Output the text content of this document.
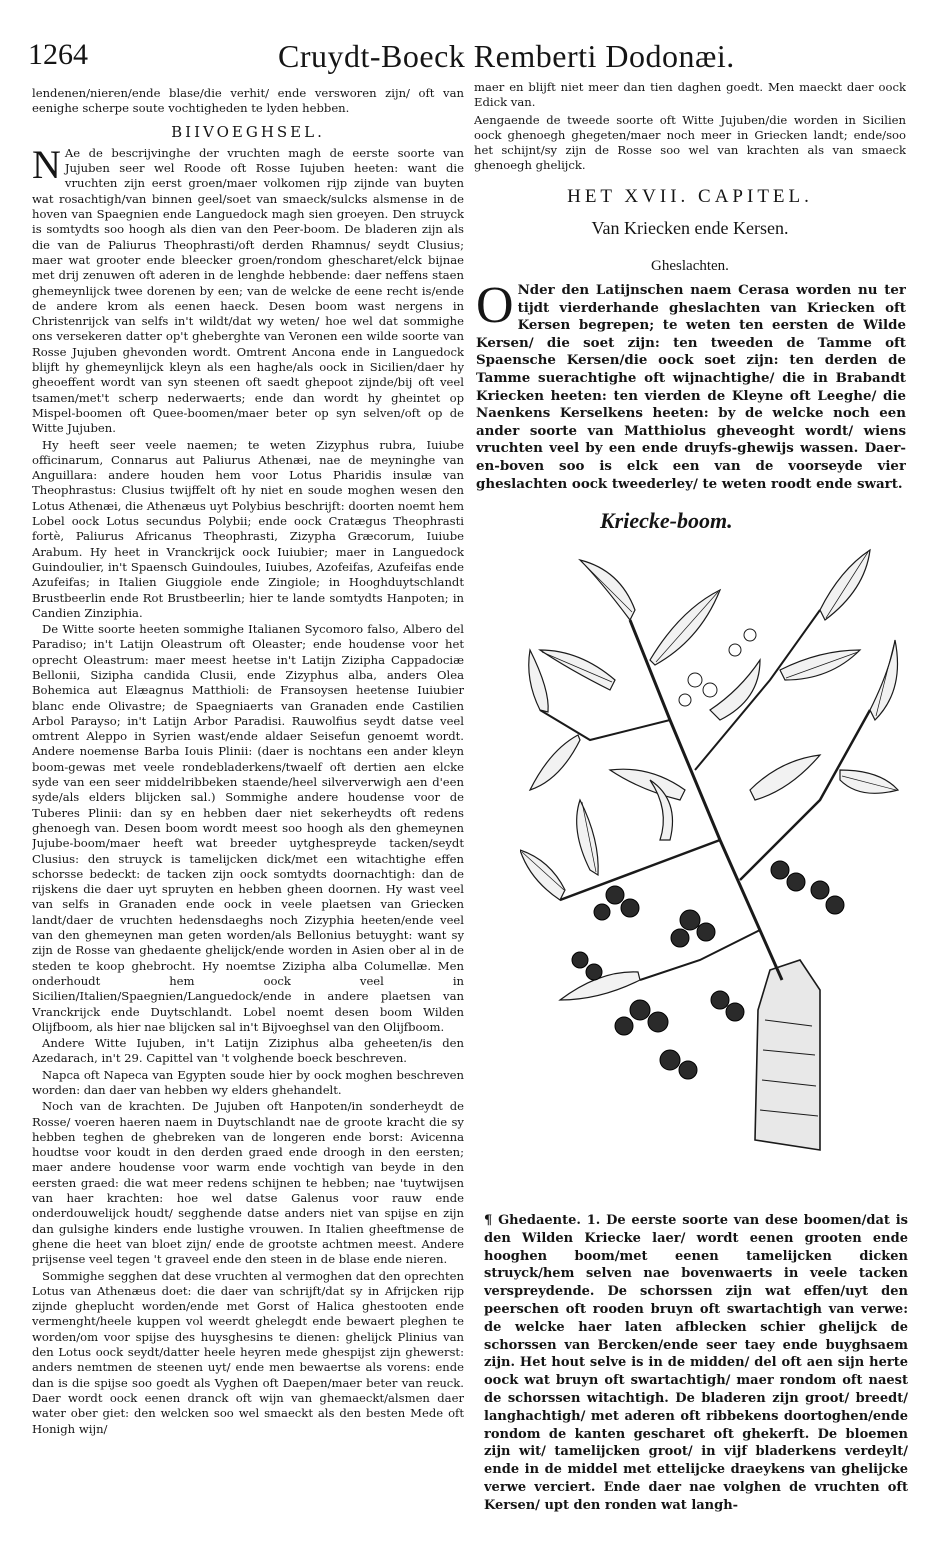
1264	Cruydt-Boeck Remberti Dodonæi.

lendenen/nieren/ende blase/die verhit/ ende versworen zijn/ oft van eenighe scherpe soute vochtigheden te lyden hebben.

BIIVOEGHSEL.
N Ae de bescrijvinghe der vruchten magh de eerste soorte van Jujuben seer wel Roode oft Rosse Iujuben heeten: want die vruchten zijn eerst groen/maer volkomen rijp zijnde van buyten wat rosachtigh/van binnen geel/soet van smaeck/sulcks alsmense in de hoven van Spaegnien ende Languedock magh sien groeyen. Den struyck is somtydts soo hoogh als dien van den Peer-boom. De bladeren zijn als die van de Paliurus Theophrasti/oft derden Rhamnus/ seydt Clusius; maer wat grooter ende bleecker groen/rondom ghescharet/elck bijnae met drij zenuwen oft aderen in de lenghde hebbende: daer neffens staen ghemeynlijck twee dorenen by een; van de welcke de eene recht is/ende de andere krom als eenen haeck. Desen boom wast nergens in Christenrijck van selfs in't wildt/dat wy weten/ hoe wel dat sommighe ons versekeren datter op't gheberghte van Veronen een wilde soorte van Rosse Jujuben ghevonden wordt. Omtrent Ancona ende in Languedock blijft hy ghemeynlijck kleyn als een haghe/als oock in Sicilien/daer hy gheoeffent wordt van syn steenen oft saedt ghepoot zijnde/bij oft veel tsamen/met't scherp nederwaerts; ende dan wordt hy gheintet op Mispel-boomen oft Quee-boomen/maer beter op syn selven/oft op de Witte Jujuben.

Hy heeft seer veele naemen; te weten Zizyphus rubra, Iuiube officinarum, Connarus aut Paliurus Athenæi, nae de meyninghe van Anguillara: andere houden hem voor Lotus Pharidis insulæ van Theophrastus: Clusius twijffelt oft hy niet en soude moghen wesen den Lotus Athenæi, die Athenæus uyt Polybius beschrijft: doorten noemt hem Lobel oock Lotus secundus Polybii; ende oock Cratægus Theophrasti fortè, Paliurus Africanus Theophrasti, Zizypha Græcorum, Iuiube Arabum. Hy heet in Vranckrijck oock Iuiubier; maer in Languedock Guindoulier, in't Spaensch Guindoules, Iuiubes, Azofeifas, Azufeifas ende Azufeifas; in Italien Giuggiole ende Zingiole; in Hooghduytschlandt Brustbeerlin ende Rot Brustbeerlin; hier te lande somtydts Hanpoten; in Candien Zinziphia.

De Witte soorte heeten sommighe Italianen Sycomoro falso, Albero del Paradiso; in't Latijn Oleastrum oft Oleaster; ende houdense voor het oprecht Oleastrum: maer meest heetse in't Latijn Zizipha Cappadociæ Bellonii, Sizipha candida Clusii, ende Zizyphus alba, anders Olea Bohemica aut Elæagnus Matthioli: de Fransoysen heetense Iuiubier blanc ende Olivastre; de Spaegniaerts van Granaden ende Castilien Arbol Parayso; in't Latijn Arbor Paradisi. Rauwolfius seydt datse veel omtrent Aleppo in Syrien wast/ende aldaer Seisefun genoemt wordt. Andere noemense Barba Iouis Plinii: (daer is nochtans een ander kleyn boom-gewas met veele rondebladerkens/twaelf oft dertien aen elcke syde van een seer middelribbeken staende/heel silververwigh aen d'een syde/als elders blijcken sal.) Sommighe andere houdense voor de Tuberes Plinii: dan sy en hebben daer niet sekerheydts oft redens ghenoegh van. Desen boom wordt meest soo hoogh als den ghemeynen Jujube-boom/maer heeft wat breeder uytghespreyde tacken/seydt Clusius: den struyck is tamelijcken dick/met een witachtighe effen schorsse bedeckt: de tacken zijn oock somtydts doornachtigh: dan de rijskens die daer uyt spruyten en hebben gheen doornen. Hy wast veel van selfs in Granaden ende oock in veele plaetsen van Griecken landt/daer de vruchten hedensdaeghs noch Zizyphia heeten/ende veel van den ghemeynen man geten worden/als Bellonius betuyght: want sy zijn de Rosse van ghedaente ghelijck/ende worden in Asien ober al in de steden te koop ghebrocht. Hy noemtse Zizipha alba Columellæ. Men onderhoudt hem oock veel in Sicilien/Italien/Spaegnien/Languedock/ende in andere plaetsen van Vranckrijck ende Duytschlandt. Lobel noemt desen boom Wilden Olijfboom, als hier nae blijcken sal in't Bijvoeghsel van den Olijfboom.

Andere Witte Iujuben, in't Latijn Ziziphus alba geheeten/is den Azedarach, in't 29. Capittel van 't volghende boeck beschreven.

Napca oft Napeca van Egypten soude hier by oock moghen beschreven worden: dan daer van hebben wy elders ghehandelt.

Noch van de krachten. De Jujuben oft Hanpoten/in sonderheydt de Rosse/ voeren haeren naem in Duytschlandt nae de groote kracht die sy hebben teghen de ghebreken van de longeren ende borst: Avicenna houdtse voor koudt in den derden graed ende droogh in den eersten; maer andere houdense voor warm ende vochtigh van beyde in den eersten graed: die wat meer redens schijnen te hebben; nae 'tuytwijsen van haer krachten: hoe wel datse Galenus voor rauw ende onderdouwelijck houdt/ segghende datse anders niet van spijse en zijn dan gulsighe kinders ende lustighe vrouwen. In Italien gheeftmense de ghene die heet van bloet zijn/ ende de grootste achtmen meest. Andere prijsense veel tegen 't graveel ende den steen in de blase ende nieren.

Sommighe segghen dat dese vruchten al vermoghen dat den oprechten Lotus van Athenæus doet: die daer van schrijft/dat sy in Afrijcken rijp zijnde gheplucht worden/ende met Gorst of Halica ghestooten ende vermenght/heele kuppen vol weerdt ghelegdt ende bewaert pleghen te worden/om voor spijse des huysghesins te dienen: ghelijck Plinius van den Lotus oock seydt/datter heele heyren mede ghespijst zijn ghewerst: anders nemtmen de steenen uyt/ ende men bewaertse als vorens: ende dan is die spijse soo goedt als Vyghen oft Daepen/maer beter van reuck. Daer wordt oock eenen dranck oft wijn van ghemaeckt/alsmen daer water ober giet: den welcken soo wel smaeckt als den besten Mede oft Honigh wijn/

maer en blijft niet meer dan tien daghen goedt. Men maeckt daer oock Edick van.

Aengaende de tweede soorte oft Witte Jujuben/die worden in Sicilien oock ghenoegh ghegeten/maer noch meer in Griecken landt; ende/soo het schijnt/sy zijn de Rosse soo wel van krachten als van smaeck ghenoegh ghelijck.

HET XVII. CAPITEL.
Van Kriecken ende Kersen.
Gheslachten.
O Nder den Latijnschen naem Cerasa worden nu ter tijdt vierderhande gheslachten van Kriecken oft Kersen begrepen; te weten ten eersten de Wilde Kersen/ die soet zijn: ten tweeden de Tamme oft Spaensche Kersen/die oock soet zijn: ten derden de Tamme suerachtighe oft wijnachtighe/ die in Brabandt Kriecken heeten: ten vierden de Kleyne oft Leeghe/ die Naenkens Kerselkens heeten: by de welcke noch een ander soorte van Matthiolus gheveoght wordt/ wiens vruchten veel by een ende druyfs-ghewijs wassen. Daer-en-boven soo is elck een van de voorseyde vier gheslachten oock tweederley/ te weten roodt ende swart.
Kriecke-boom.

¶ Ghedaente. 1. De eerste soorte van dese boomen/dat is den Wilden Kriecke laer/ wordt eenen grooten ende hooghen boom/met eenen tamelijcken dicken struyck/hem selven nae bovenwaerts in veele tacken verspreydende. De schorssen zijn wat effen/uyt den peerschen oft rooden bruyn oft swartachtigh van verwe: de welcke haer laten afblecken schier ghelijck de schorssen van Bercken/ende seer taey ende buyghsaem zijn. Het hout selve is in de midden/ del oft aen sijn herte oock wat bruyn oft swartachtigh/ maer rondom oft naest de schorssen witachtigh. De bladeren zijn groot/ breedt/ langhachtigh/ met aderen oft ribbekens doortoghen/ende rondom de kanten gescharet oft ghekerft. De bloemen zijn wit/ tamelijcken groot/ in vijf bladerkens verdeylt/ ende in de middel met ettelijcke draeykens van ghelijcke verwe verciert. Ende daer nae volghen de vruchten oft Kersen/ upt den ronden wat langh-
